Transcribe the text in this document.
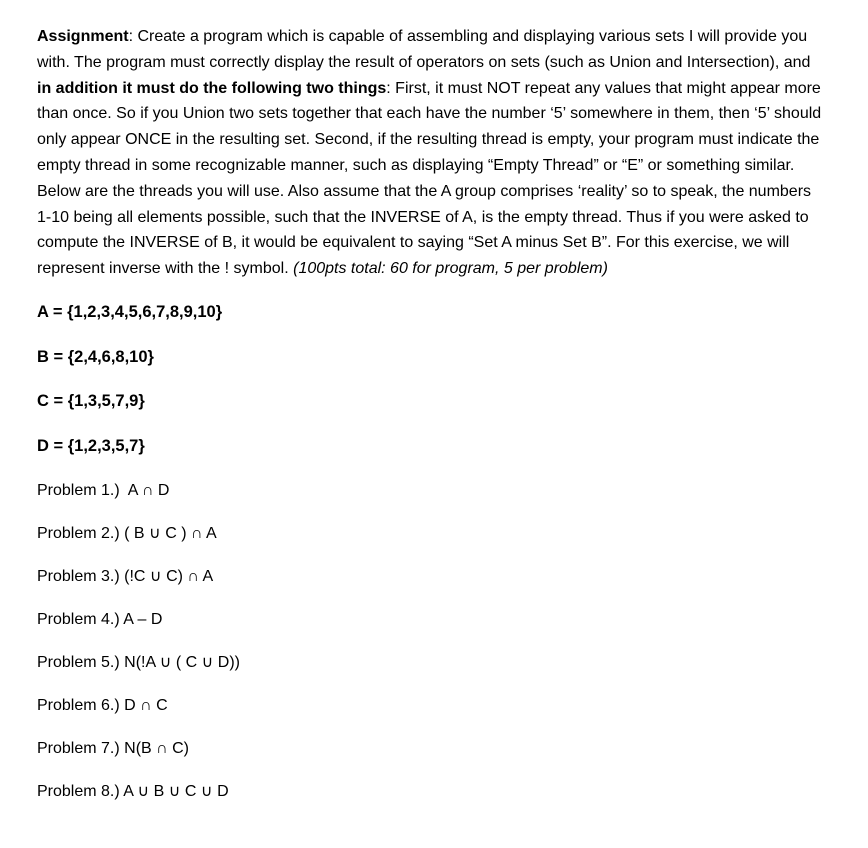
Assignment: Create a program which is capable of assembling and displaying various sets I will provide you with. The program must correctly display the result of operators on sets (such as Union and Intersection), and in addition it must do the following two things: First, it must NOT repeat any values that might appear more than once. So if you Union two sets together that each have the number ‘5’ somewhere in them, then ‘5’ should only appear ONCE in the resulting set. Second, if the resulting thread is empty, your program must indicate the empty thread in some recognizable manner, such as displaying “Empty Thread” or “E” or something similar. Below are the threads you will use. Also assume that the A group comprises ‘reality’ so to speak, the numbers 1-10 being all elements possible, such that the INVERSE of A, is the empty thread. Thus if you were asked to compute the INVERSE of B, it would be equivalent to saying “Set A minus Set B”. For this exercise, we will represent inverse with the ! symbol. (100pts total: 60 for program, 5 per problem)

A = {1,2,3,4,5,6,7,8,9,10}
B = {2,4,6,8,10}
C = {1,3,5,7,9}
D = {1,2,3,5,7}
Problem 1.)  A ∩ D
Problem 2.) ( B ∪ C ) ∩ A
Problem 3.) (!C ∪ C) ∩ A
Problem 4.) A – D
Problem 5.) N(!A ∪ ( C ∪ D))
Problem 6.) D ∩ C
Problem 7.) N(B ∩ C)
Problem 8.) A ∪ B ∪ C ∪ D
